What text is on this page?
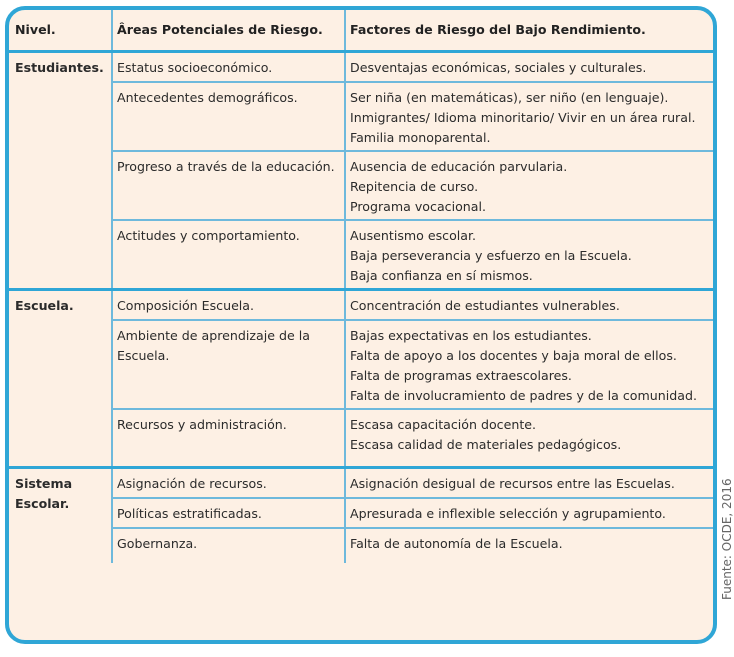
Nivel.	Âreas Potenciales de Riesgo.	Factores de Riesgo del Bajo Rendimiento.
Estudiantes.	Estatus socioeconómico.	Desventajas económicas, sociales y culturales.

	Antecedentes demográficos.	Ser niña (en matemáticas), ser niño (en lenguaje).
Inmigrantes/ Idioma minoritario/ Vivir en un área rural.
Familia monoparental.

	Progreso a través de la educación.	Ausencia de educación parvularia.
Repitencia de curso.
Programa vocacional.

	Actitudes y comportamiento.	Ausentismo escolar.
Baja perseverancia y esfuerzo en la Escuela.
Baja confianza en sí mismos.

Escuela.	Composición Escuela.	Concentración de estudiantes vulnerables.

	Ambiente de aprendizaje de la Escuela.	Bajas expectativas en los estudiantes.
Falta de apoyo a los docentes y baja moral de ellos.
Falta de programas extraescolares.
Falta de involucramiento de padres y de la comunidad.

	Recursos y administración.	Escasa capacitación docente.
Escasa calidad de materiales pedagógicos.

Sistema Escolar.	Asignación de recursos.	Asignación desigual de recursos entre las Escuelas.

	Políticas estratificadas.	Apresurada e inflexible selección y agrupamiento.

	Gobernanza.	Falta de autonomía de la Escuela.	Fuente: OCDE, 2016
